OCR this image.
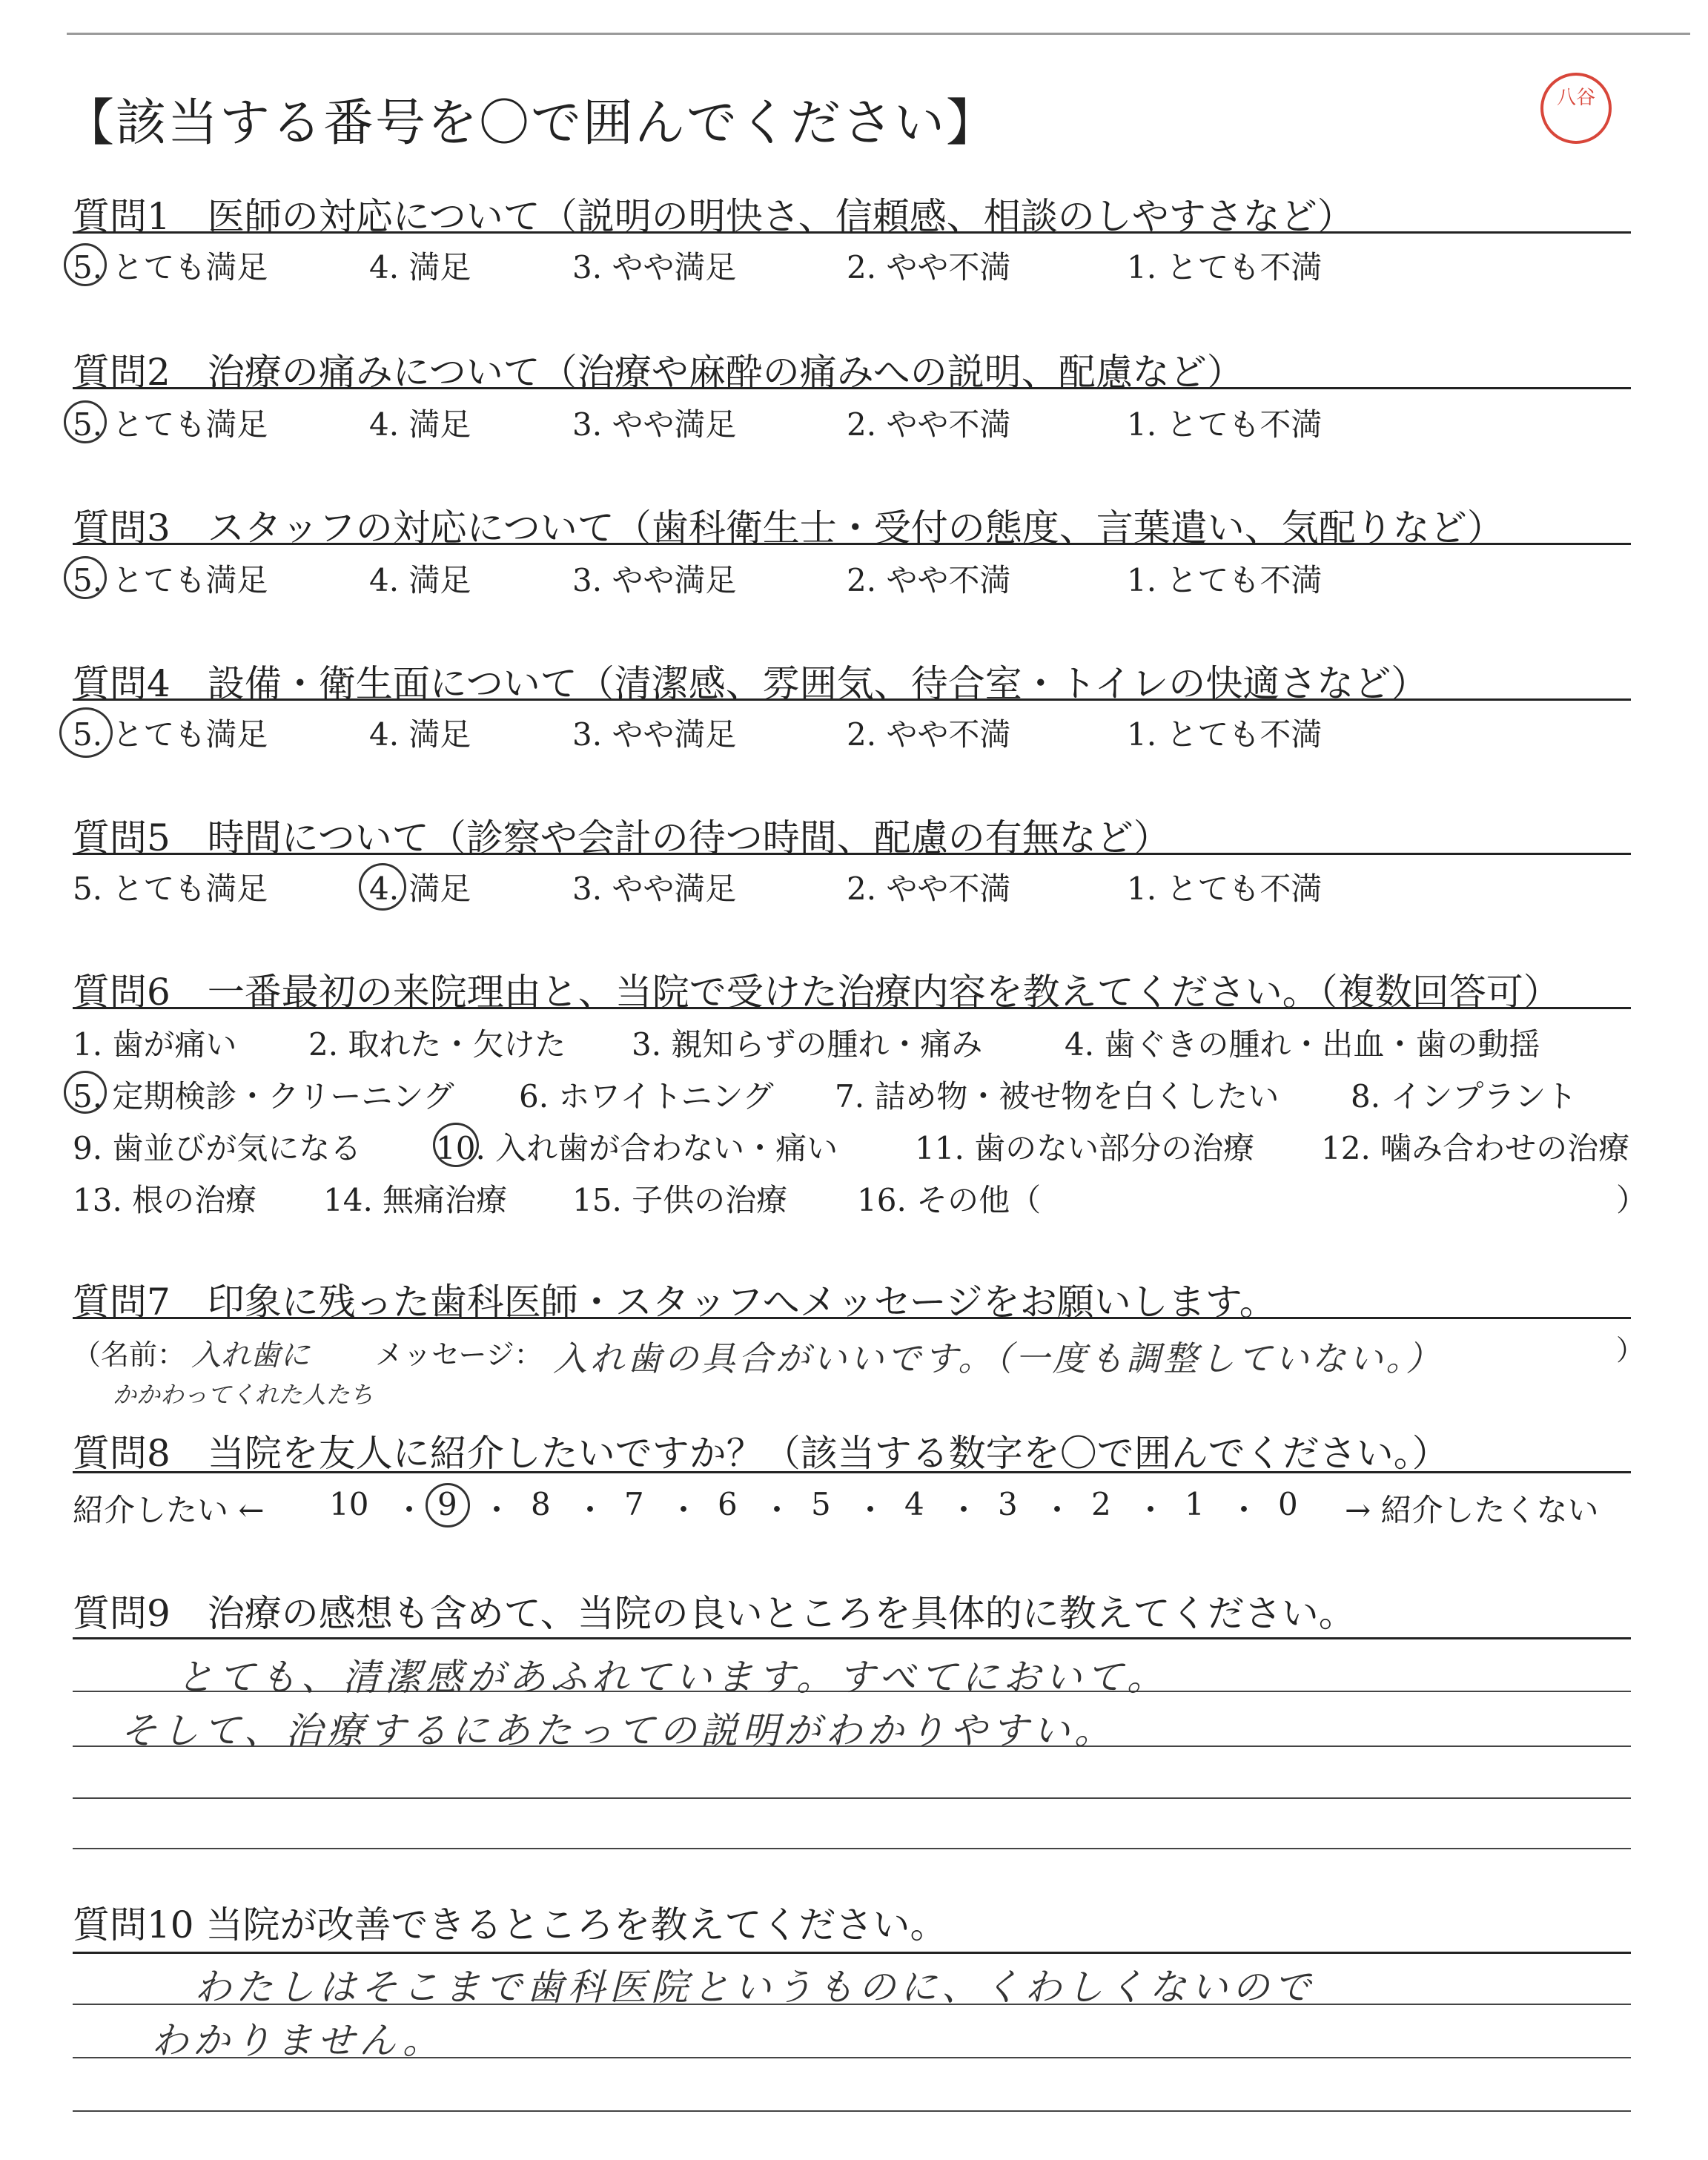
【該当する番号を〇で囲んでください】	八谷
質問1　医師の対応について（説明の明快さ、信頼感、相談のしやすさなど）
5. とても満足	4. 満足	3. やや満足	2. やや不満	1. とても不満
質問2　治療の痛みについて（治療や麻酔の痛みへの説明、配慮など）
5. とても満足	4. 満足	3. やや満足	2. やや不満	1. とても不満
質問3　スタッフの対応について（歯科衛生士・受付の態度、言葉遣い、気配りなど）
5. とても満足	4. 満足	3. やや満足	2. やや不満	1. とても不満
質問4　設備・衛生面について（清潔感、雰囲気、待合室・トイレの快適さなど）
5. とても満足	4. 満足	3. やや満足	2. やや不満	1. とても不満
質問5　時間について（診察や会計の待つ時間、配慮の有無など）
5. とても満足	4. 満足	3. やや満足	2. やや不満	1. とても不満
質問6　一番最初の来院理由と、当院で受けた治療内容を教えてください。（複数回答可）
1. 歯が痛い 2. 取れた・欠けた 3. 親知らずの腫れ・痛み	4. 歯ぐきの腫れ・出血・歯の動揺
5. 定期検診・クリーニング 6. ホワイトニング 7. 詰め物・被せ物を白くしたい 8. インプラント
9. 歯並びが気になる 10. 入れ歯が合わない・痛い 11. 歯のない部分の治療 12. 噛み合わせの治療
13. 根の治療 14. 無痛治療 15. 子供の治療 16. その他（	）
質問7　印象に残った歯科医師・スタッフへメッセージをお願いします。
（名前： 入れ歯に
かかわってくれた人たち
メッセージ： 入れ歯の具合がいいです。（一度も調整していない。）	）
質問8　当院を友人に紹介したいですか？（該当する数字を〇で囲んでください。）
紹介したい ←	→ 紹介したくない
10 ・ 9 ・ 8 ・ 7 ・ 6 ・ 5 ・ 4 ・ 3 ・ 2 ・ 1 ・ 0
質問9　治療の感想も含めて、当院の良いところを具体的に教えてください。
とても、清潔感があふれています。すべてにおいて。
そして、治療するにあたっての説明がわかりやすい。
質問10 当院が改善できるところを教えてください。
わたしはそこまで歯科医院というものに、くわしくないので
わかりません。
